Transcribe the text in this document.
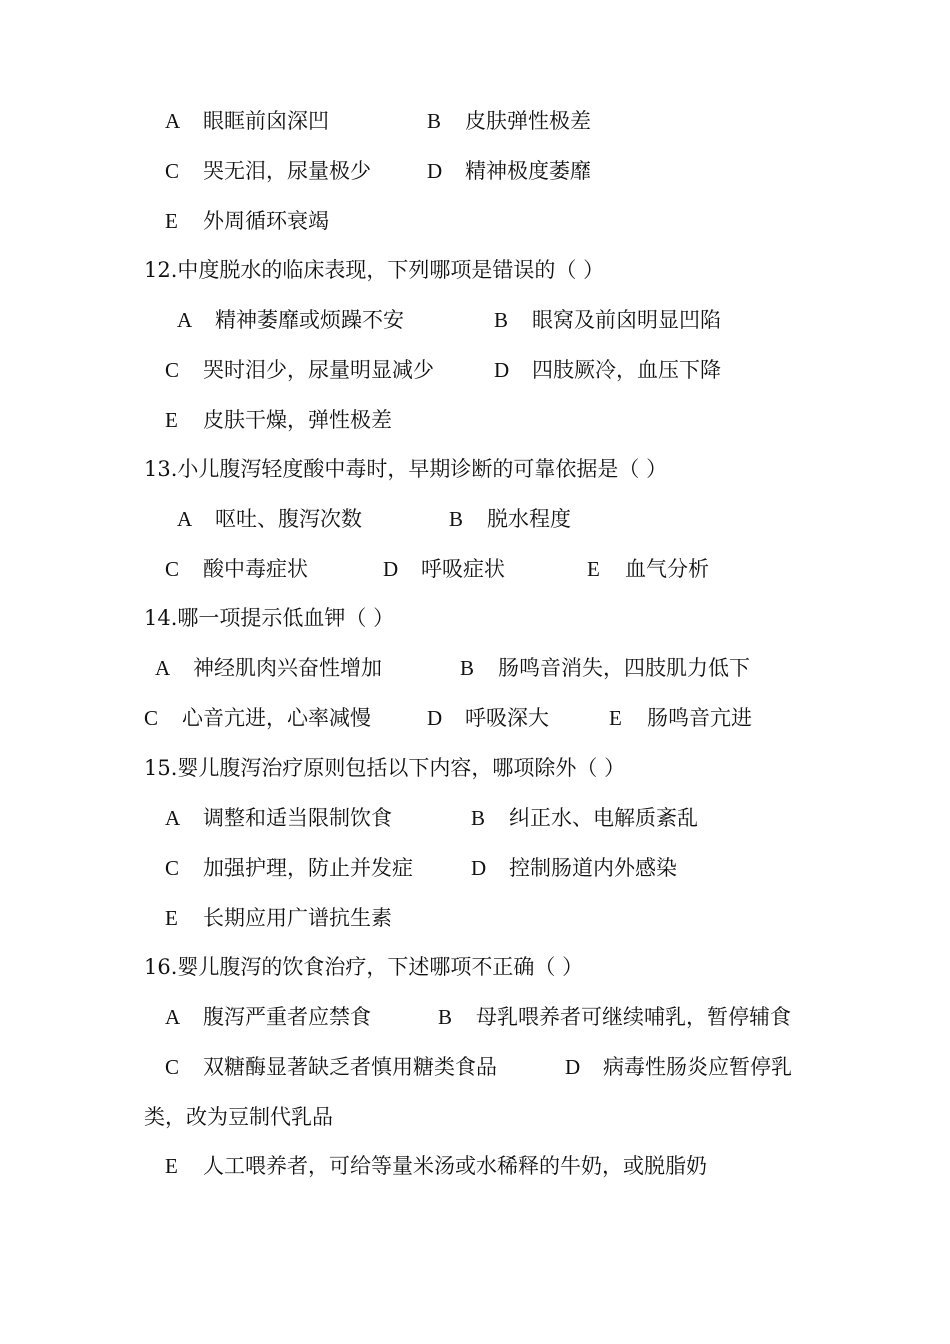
A 眼眶前囟深凹	B 皮肤弹性极差
C 哭无泪，尿量极少	D 精神极度萎靡
E 外周循环衰竭
12.中度脱水的临床表现，下列哪项是错误的（ ）
A 精神萎靡或烦躁不安	B 眼窝及前囟明显凹陷
C 哭时泪少，尿量明显减少	D 四肢厥冷，血压下降
E 皮肤干燥，弹性极差
13.小儿腹泻轻度酸中毒时，早期诊断的可靠依据是（ ）
A 呕吐、腹泻次数	B 脱水程度
C 酸中毒症状	D 呼吸症状	E 血气分析
14.哪一项提示低血钾（ ）
A 神经肌肉兴奋性增加	B 肠鸣音消失，四肢肌力低下
C 心音亢进，心率减慢	D 呼吸深大	E 肠鸣音亢进
15.婴儿腹泻治疗原则包括以下内容，哪项除外（ ）
A 调整和适当限制饮食	B 纠正水、电解质紊乱
C 加强护理，防止并发症	D 控制肠道内外感染
E 长期应用广谱抗生素
16.婴儿腹泻的饮食治疗，下述哪项不正确（ ）
A 腹泻严重者应禁食	B 母乳喂养者可继续哺乳，暂停辅食
C 双糖酶显著缺乏者慎用糖类食品	D 病毒性肠炎应暂停乳
类，改为豆制代乳品
E 人工喂养者，可给等量米汤或水稀释的牛奶，或脱脂奶
